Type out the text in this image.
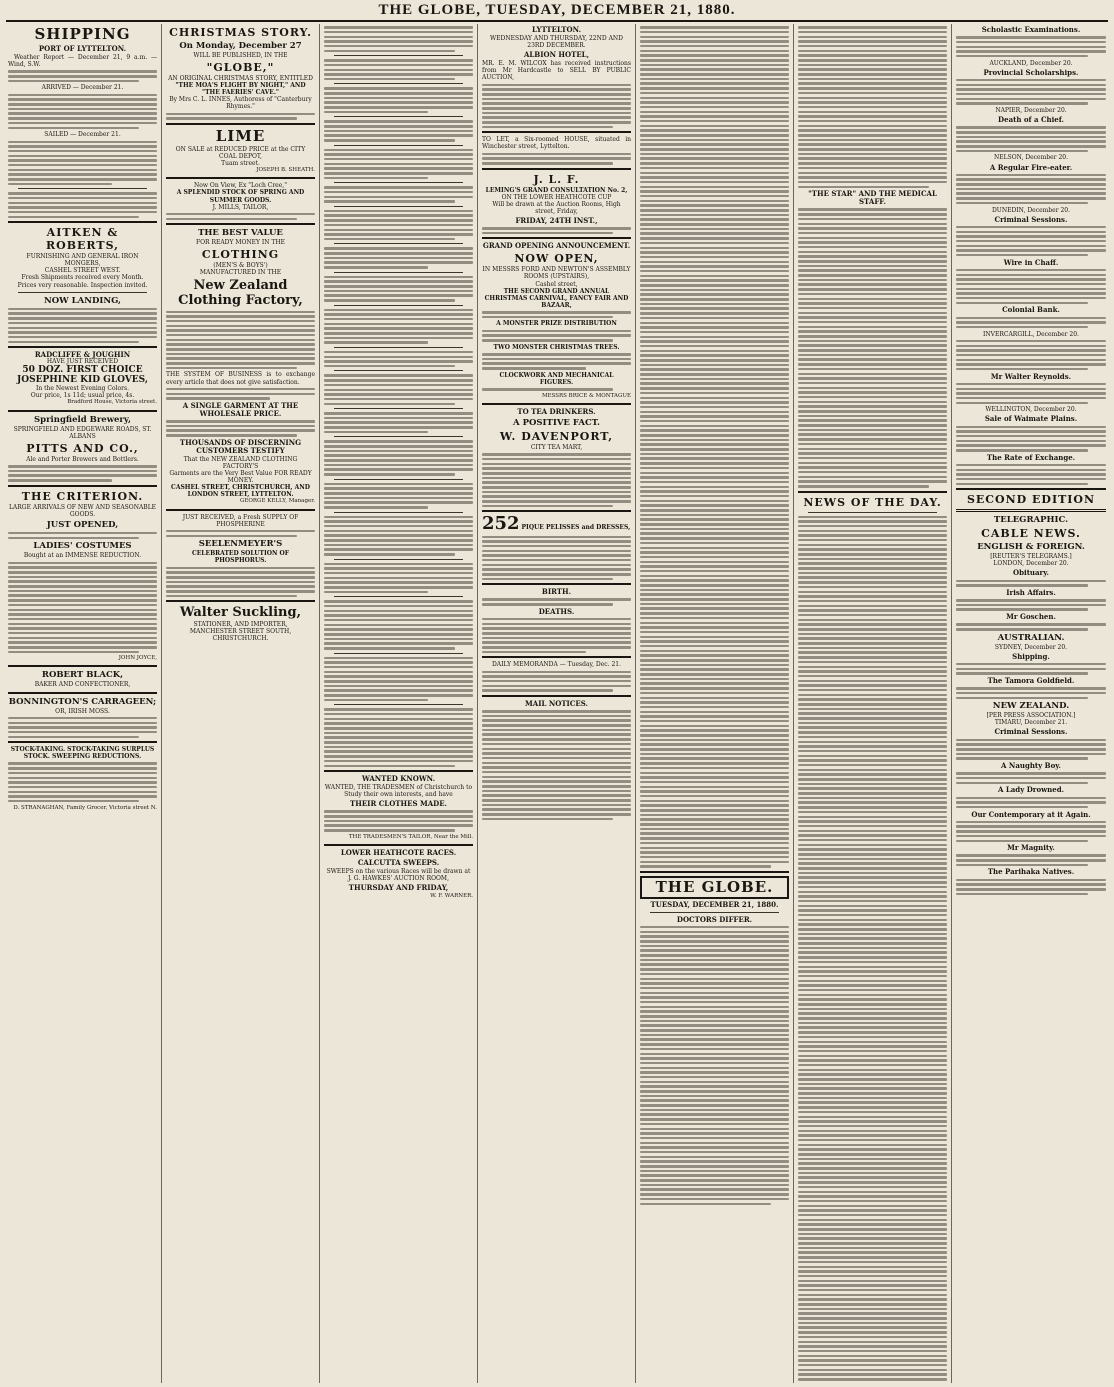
THE GLOBE, TUESDAY, DECEMBER 21, 1880.
SHIPPING
PORT OF LYTTELTON.
Weather Report — December 21, 9 a.m. — Wind, S.W.
ARRIVED — December 21.
SAILED — December 21.
AITKEN & ROBERTS,
FURNISHING AND GENERAL IRON MONGERS,
CASHEL STREET WEST.
Fresh Shipments received every Month.
Prices very reasonable. Inspection invited.
NOW LANDING,
RADCLIFFE & JOUGHIN
HAVE JUST RECEIVED
50 DOZ. FIRST CHOICE JOSEPHINE KID GLOVES,
In the Newest Evening Colors.
Our price, 1s 11d; usual price, 4s.
Bradford House, Victoria street.
Springfield Brewery,
SPRINGFIELD AND EDGEWARE ROADS, ST. ALBANS
PITTS AND CO.,
Ale and Porter Brewers and Bottlers.
THE CRITERION.
LARGE ARRIVALS OF NEW AND SEASONABLE GOODS.
JUST OPENED,
LADIES' COSTUMES
Bought at an IMMENSE REDUCTION.
JOHN JOYCE,
ROBERT BLACK,
BAKER AND CONFECTIONER,
BONNINGTON'S CARRAGEEN;
OR, IRISH MOSS.
STOCK-TAKING. STOCK-TAKING SURPLUS STOCK. SWEEPING REDUCTIONS.
D. STRANAGHAN, Family Grocer, Victoria street N.
CHRISTMAS STORY.
On Monday, December 27
WILL BE PUBLISHED, IN THE
"GLOBE,"
AN ORIGINAL CHRISTMAS STORY, ENTITLED
"THE MOA'S FLIGHT BY NIGHT," AND "THE FAERIES' CAVE."
By Mrs C. L. INNES, Authoress of "Canterbury Rhymes."
LIME
ON SALE at REDUCED PRICE at the CITY COAL DEPOT,
Tuam street.
JOSEPH B. SHEATH.
Now On View, Ex "Loch Cree,"
A SPLENDID STOCK OF SPRING AND SUMMER GOODS.
J. MILLS, TAILOR,
THE BEST VALUE
FOR READY MONEY IN THE
CLOTHING
(MEN'S & BOYS')
MANUFACTURED IN THE
New Zealand Clothing Factory,
THE SYSTEM OF BUSINESS is to exchange every article that does not give satisfaction.
A SINGLE GARMENT AT THE WHOLESALE PRICE.
THOUSANDS OF DISCERNING CUSTOMERS TESTIFY
That the NEW ZEALAND CLOTHING FACTORY'S
Garments are the Very Best Value FOR READY MONEY.
CASHEL STREET, CHRISTCHURCH, AND LONDON STREET, LYTTELTON.
GEORGE KELLY, Manager.
JUST RECEIVED, a Fresh SUPPLY OF PHOSPHERINE
SEELENMEYER'S
CELEBRATED SOLUTION OF PHOSPHORUS.
Walter Suckling,
STATIONER, AND IMPORTER,
MANCHESTER STREET SOUTH, CHRISTCHURCH.
WANTED KNOWN.
WANTED, THE TRADESMEN of Christchurch to Study their own interests, and have
THEIR CLOTHES MADE.
THE TRADESMEN'S TAILOR, Near the Mill.
LOWER HEATHCOTE RACES.
CALCUTTA SWEEPS.
SWEEPS on the various Races will be drawn at J. G. HAWKES' AUCTION ROOM,
THURSDAY AND FRIDAY,
W. F. WARNER.
LYTTELTON.
WEDNESDAY AND THURSDAY, 22ND AND 23RD DECEMBER.
ALBION HOTEL,
MR. E. M. WILCOX has received instructions from Mr Hardcastle to SELL BY PUBLIC AUCTION,
TO LET, a Six-roomed HOUSE, situated in Winchester street, Lyttelton.
J. L. F.
LEMING'S GRAND CONSULTATION No. 2,
ON THE LOWER HEATHCOTE CUP
Will be drawn at the Auction Rooms, High street, Friday,
FRIDAY, 24TH INST.,
GRAND OPENING ANNOUNCEMENT.
NOW OPEN,
IN MESSRS FORD AND NEWTON'S ASSEMBLY ROOMS (UPSTAIRS),
Cashel street,
THE SECOND GRAND ANNUAL CHRISTMAS CARNIVAL, FANCY FAIR AND BAZAAR,
A MONSTER PRIZE DISTRIBUTION
TWO MONSTER CHRISTMAS TREES.
CLOCKWORK AND MECHANICAL FIGURES.
MESSRS BRICE & MONTAGUE
TO TEA DRINKERS.
A POSITIVE FACT.
W. DAVENPORT,
CITY TEA MART,
252 PIQUE PELISSES and DRESSES,
BIRTH.
DEATHS.
DAILY MEMORANDA — Tuesday, Dec. 21.
MAIL NOTICES.
THE GLOBE.
TUESDAY, DECEMBER 21, 1880.
DOCTORS DIFFER.
"THE STAR" AND THE MEDICAL STAFF.
NEWS OF THE DAY.
Scholastic Examinations.
AUCKLAND, December 20.
Provincial Scholarships.
NAPIER, December 20.
Death of a Chief.
NELSON, December 20.
A Regular Fire-eater.
DUNEDIN, December 20.
Criminal Sessions.
Wire in Chaff.
Colonial Bank.
INVERCARGILL, December 20.
Mr Walter Reynolds.
WELLINGTON, December 20.
Sale of Waimate Plains.
The Rate of Exchange.
SECOND EDITION
TELEGRAPHIC.
CABLE NEWS.
ENGLISH & FOREIGN.
[REUTER'S TELEGRAMS.]
LONDON, December 20.
Obituary.
Irish Affairs.
Mr Goschen.
AUSTRALIAN.
SYDNEY, December 20.
Shipping.
The Tamora Goldfield.
NEW ZEALAND.
[PER PRESS ASSOCIATION.]
TIMARU, December 21.
Criminal Sessions.
A Naughty Boy.
A Lady Drowned.
Our Contemporary at it Again.
Mr Magnity.
The Parihaka Natives.
